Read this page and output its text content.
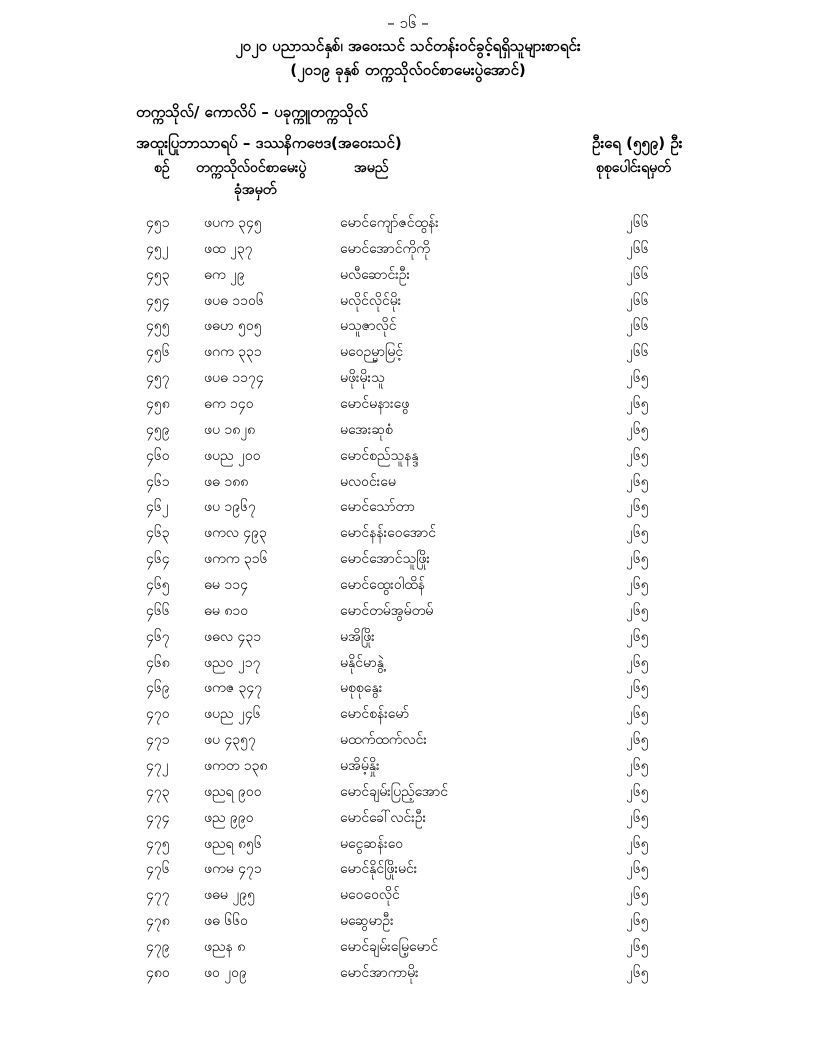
– ၁၆ –
၂၀၂၀ ပညာသင်နှစ်၊ အဝေးသင် သင်တန်းဝင်ခွင့်ရရှိသူများစာရင်း
(၂၀၁၉ ခုနှစ် တက္ကသိုလ်ဝင်စာမေးပွဲအောင်)
တက္ကသိုလ်/ ကောလိပ် – ပခုက္ကူတက္ကသိုလ်
အထူးပြုဘာသာရပ် – ဒဿနိကဗေဒ(အဝေးသင်)	ဦးရေ (၅၅၉) ဦး
စဉ် တက္ကသိုလ်ဝင်စာမေးပွဲ
ခုံအမှတ်
အမည်	စုစုပေါင်းရမှတ်
၄၅၁ ဖပက ၃၄၅	မောင်ကျော်ဇင်ထွန်း	၂၆၆
၄၅၂	ဖထ ၂၃၇	မောင်အောင်ကိုကို	၂၆၆
၄၅၃ ဓက ၂၉	မလီဆောင်းဦး	၂၆၆
၄၅၄ ဖပဓ ၁၁၀၆	မလိုင်လိုင်မိုး	၂၆၆
၄၅၅ ဖဓဟ ၅၀၅	မသူဇာလိုင်	၂၆၆
၄၅၆ ဖဂက ၃၃၁	မဝေဉမ္မာမြင့်	၂၆၆
၄၅၇ ဖပဓ ၁၁၇၄	မဖိုးမိုးသူ	၂၆၅
၄၅၈ ဓက ၁၄၀	မောင်မနားဖွေ	၂၆၅
၄၅၉ ဖပ ၁၈၂၈	မအေးဆုစံ	၂၆၅
၄၆၀ ဖပည ၂၀၀	မောင်စည်သူနန္ဒ	၂၆၅
၄၆၁ ဖဓ ၁၈၈	မလဝင်းမေ	၂၆၅
၄၆၂	ဖပ ၁၉၆၇	မောင်သော်တာ	၂၆၅
၄၆၃ ဖကလ ၄၉၃	မောင်နန်းဝေအောင်	၂၆၅
၄၆၄ ဖကက ၃၁၆	မောင်အောင်သူဖြိုး	၂၆၅
၄၆၅ ဓမ ၁၁၄	မောင်ထွေးဝါထိန်	၂၆၅
၄၆၆ ဓမ ၈၁၀	မောင်တမ်အွမ်တမ်	၂၆၅
၄၆၇ ဖဓလ ၄၃၁	မအိဖြိုး	၂၆၅
၄၆၈ ဖညဝ ၂၁၇	မနိုင်မာနွဲ့	၂၆၅
၄၆၉ ဖကဇ ၃၄၇	မစုစုနွေး	၂၆၅
၄၇၀ ဖပည ၂၄၆	မောင်စန်းမော်	၂၆၅
၄၇၁ ဖပ ၄၃၅၇	မထက်ထက်လင်း	၂၆၅
၄၇၂	ဖကတ ၁၃၈	မအိမ့်နှိုး	၂၆၅
၄၇၃ ဖညရ ၉၀၀	မောင်ချမ်းပြည့်အောင်	၂၆၅
၄၇၄ ဖည ၉၉၀	မောင်ခေါ်လင်းဦး	၂၆၅
၄၇၅ ဖညရ ၈၅၆	မငွေဆန်းဝေ	၂၆၅
၄၇၆ ဖကမ ၄၇၁	မောင်နိုင်ဖြိုးမင်း	၂၆၅
၄၇၇ ဖဓမ ၂၉၅	မဝေဝေလိုင်	၂၆၅
၄၇၈ ဖဓ ၆၆၀	မဆွေမာဦး	၂၆၅
၄၇၉ ဖညန ၈	မောင်ချမ်းမြေ့မောင်	၂၆၅
၄၈၀ ဖဝ ၂၀၉	မောင်အာကာမိုး	၂၆၅
